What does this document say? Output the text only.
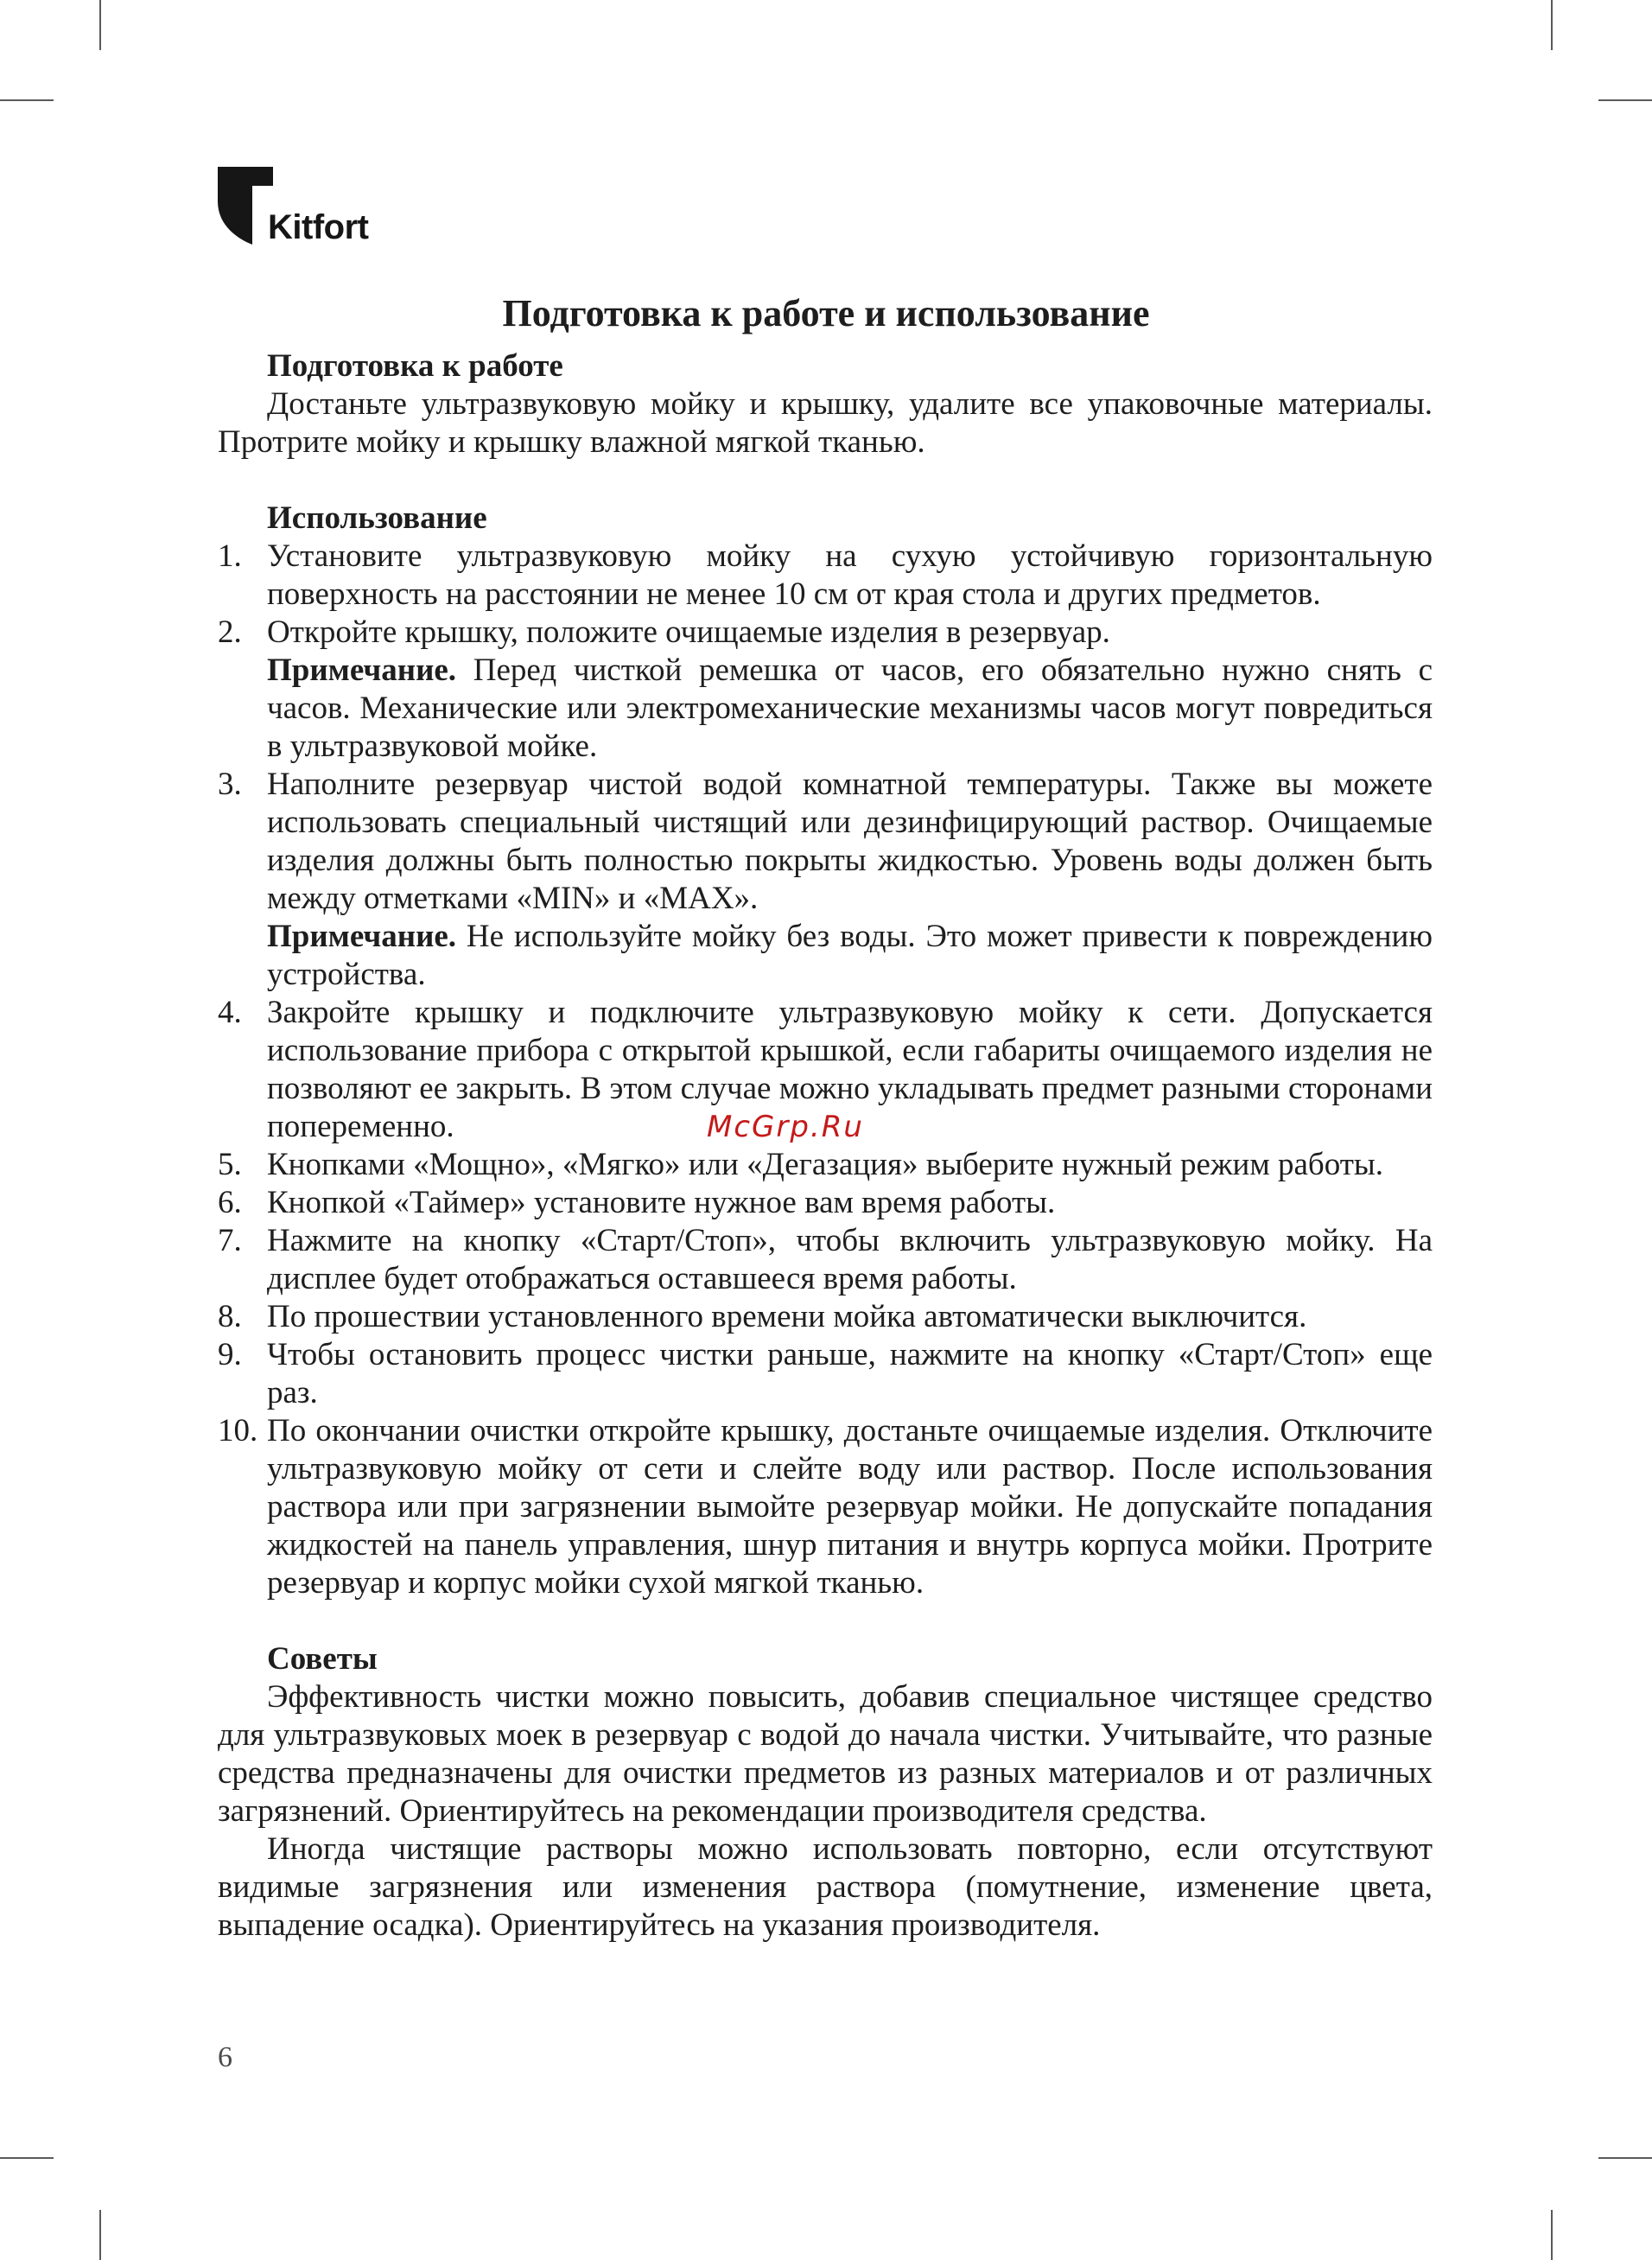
Kitfort
Подготовка к работе и использование

Подготовка к работе

Достаньте ультразвуковую мойку и крышку, удалите все упаковочные материалы. Протрите мойку и крышку влажной мягкой тканью.

Использование

1. Установите ультразвуковую мойку на сухую устойчивую горизонтальную поверхность на расстоянии не менее 10 см от края стола и других предметов.

2. Откройте крышку, положите очищаемые изделия в резервуар.

Примечание. Перед чисткой ремешка от часов, его обязательно нужно снять с часов. Механические или электромеханические механизмы часов могут повредиться в ультразвуковой мойке.

3. Наполните резервуар чистой водой комнатной температуры. Также вы можете использовать специальный чистящий или дезинфицирующий раствор. Очищаемые изделия должны быть полностью покрыты жидкостью. Уровень воды должен быть между отметками «MIN» и «MAX».

Примечание. Не используйте мойку без воды. Это может привести к повреждению устройства.

4. Закройте крышку и подключите ультразвуковую мойку к сети. Допускается использование прибора с открытой крышкой, если габариты очищаемого изделия не позволяют ее закрыть. В этом случае можно укладывать предмет разными сторонами попеременно.

5. Кнопками «Мощно», «Мягко» или «Дегазация» выберите нужный режим работы.

6. Кнопкой «Таймер» установите нужное вам время работы.

7. Нажмите на кнопку «Старт/Стоп», чтобы включить ультразвуковую мойку. На дисплее будет отображаться оставшееся время работы.

8. По прошествии установленного времени мойка автоматически выключится.

9. Чтобы остановить процесс чистки раньше, нажмите на кнопку «Старт/Стоп» еще раз.

10. По окончании очистки откройте крышку, достаньте очищаемые изделия. Отключите ультразвуковую мойку от сети и слейте воду или раствор. После использования раствора или при загрязнении вымойте резервуар мойки. Не допускайте попадания жидкостей на панель управления, шнур питания и внутрь корпуса мойки. Протрите резервуар и корпус мойки сухой мягкой тканью.

Советы

Эффективность чистки можно повысить, добавив специальное чистящее средство для ультразвуковых моек в резервуар с водой до начала чистки. Учитывайте, что разные средства предназначены для очистки предметов из разных материалов и от различных загрязнений. Ориентируйтесь на рекомендации производителя средства.

Иногда чистящие растворы можно использовать повторно, если отсутствуют видимые загрязнения или изменения раствора (помутнение, изменение цвета, выпадение осадка). Ориентируйтесь на указания производителя.

McGrp.Ru
6
